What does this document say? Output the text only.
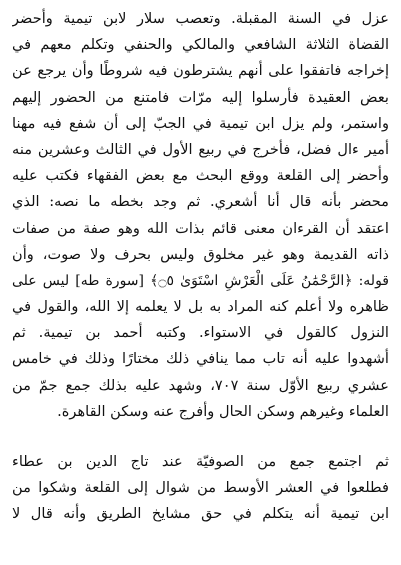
عزل في السنة المقبلة. وتعصب سلار لابن تيمية وأحضر
القضاة الثلاثة الشافعي والمالكي والحنفي وتكلم معهم في
إخراجه فاتفقوا على أنهم يشترطون فيه شروطًا وأن يرجع عن
بعض العقيدة فأرسلوا إليه مرّات فامتنع من الحضور إليهم
واستمر، ولم يزل ابن تيمية في الجبّ إلى أن شفع فيه مهنا
أمير ءال فضل، فأخرج في ربيع الأول في الثالث وعشرين منه
وأحضر إلى القلعة ووقع البحث مع بعض الفقهاء فكتب عليه
محضر بأنه قال أنا أشعري. ثم وجد بخطه ما نصه: الذي
اعتقد أن القرءان معنى قائم بذات الله وهو صفة من صفات
ذاته القديمة وهو غير مخلوق وليس بحرف ولا صوت، وأن
قوله: ﴿الرَّحْمَٰنُ عَلَى الْعَرْشِ اسْتَوَىٰ ۝٥﴾ [سورة طه] ليس على
ظاهره ولا أعلم كنه المراد به بل لا يعلمه إلا الله، والقول في
النزول كالقول في الاستواء. وكتبه أحمد بن تيمية. ثم
أشهدوا عليه أنه تاب مما ينافي ذلك مختارًا وذلك في خامس
عشري ربيع الأوّل سنة ٧٠٧، وشهد عليه بذلك جمع جمّ من
العلماء وغيرهم وسكن الحال وأفرج عنه وسكن القاهرة.
ثم اجتمع جمع من الصوفيّة عند تاج الدين بن عطاء
فطلعوا في العشر الأوسط من شوال إلى القلعة وشكوا من
ابن تيمية أنه يتكلم في حق مشايخ الطريق وأنه قال لا
